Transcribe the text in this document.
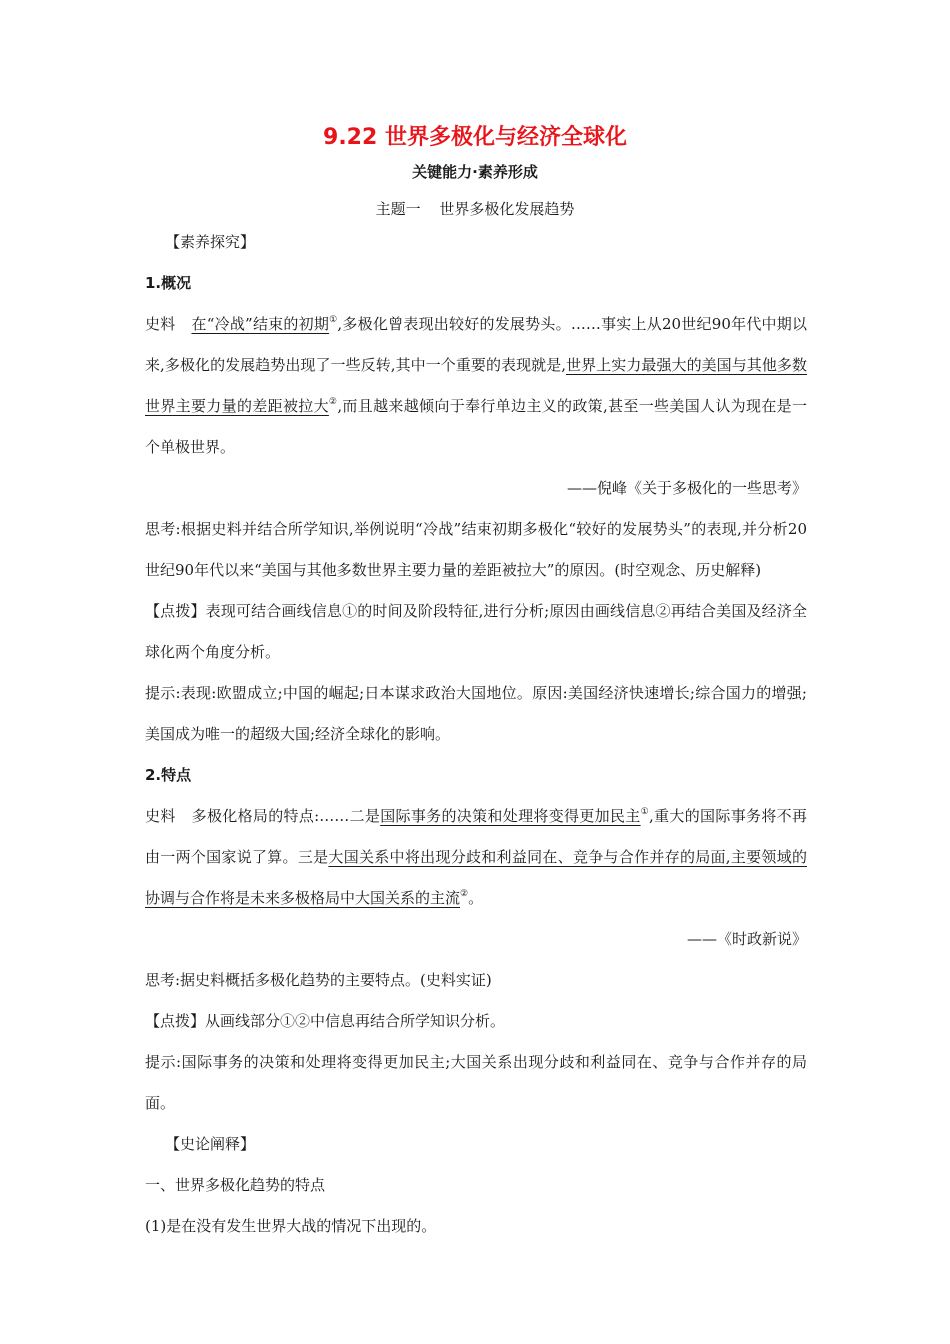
9.22 世界多极化与经济全球化
关键能力·素养形成
主题一 世界多极化发展趋势

【素养探究】

1.概况

史料 在“冷战”结束的初期①,多极化曾表现出较好的发展势头。……事实上从20世纪90年代中期以来,多极化的发展趋势出现了一些反转,其中一个重要的表现就是,世界上实力最强大的美国与其他多数世界主要力量的差距被拉大②,而且越来越倾向于奉行单边主义的政策,甚至一些美国人认为现在是一个单极世界。

——倪峰《关于多极化的一些思考》

思考:根据史料并结合所学知识,举例说明“冷战”结束初期多极化“较好的发展势头”的表现,并分析20世纪90年代以来“美国与其他多数世界主要力量的差距被拉大”的原因。(时空观念、历史解释)

【点拨】表现可结合画线信息①的时间及阶段特征,进行分析;原因由画线信息②再结合美国及经济全球化两个角度分析。

提示:表现:欧盟成立;中国的崛起;日本谋求政治大国地位。原因:美国经济快速增长;综合国力的增强;美国成为唯一的超级大国;经济全球化的影响。

2.特点

史料 多极化格局的特点:……二是国际事务的决策和处理将变得更加民主①,重大的国际事务将不再由一两个国家说了算。三是大国关系中将出现分歧和利益同在、竞争与合作并存的局面,主要领域的协调与合作将是未来多极格局中大国关系的主流②。

——《时政新说》

思考:据史料概括多极化趋势的主要特点。(史料实证)

【点拨】从画线部分①②中信息再结合所学知识分析。

提示:国际事务的决策和处理将变得更加民主;大国关系出现分歧和利益同在、竞争与合作并存的局面。

【史论阐释】

一、世界多极化趋势的特点

(1)是在没有发生世界大战的情况下出现的。
